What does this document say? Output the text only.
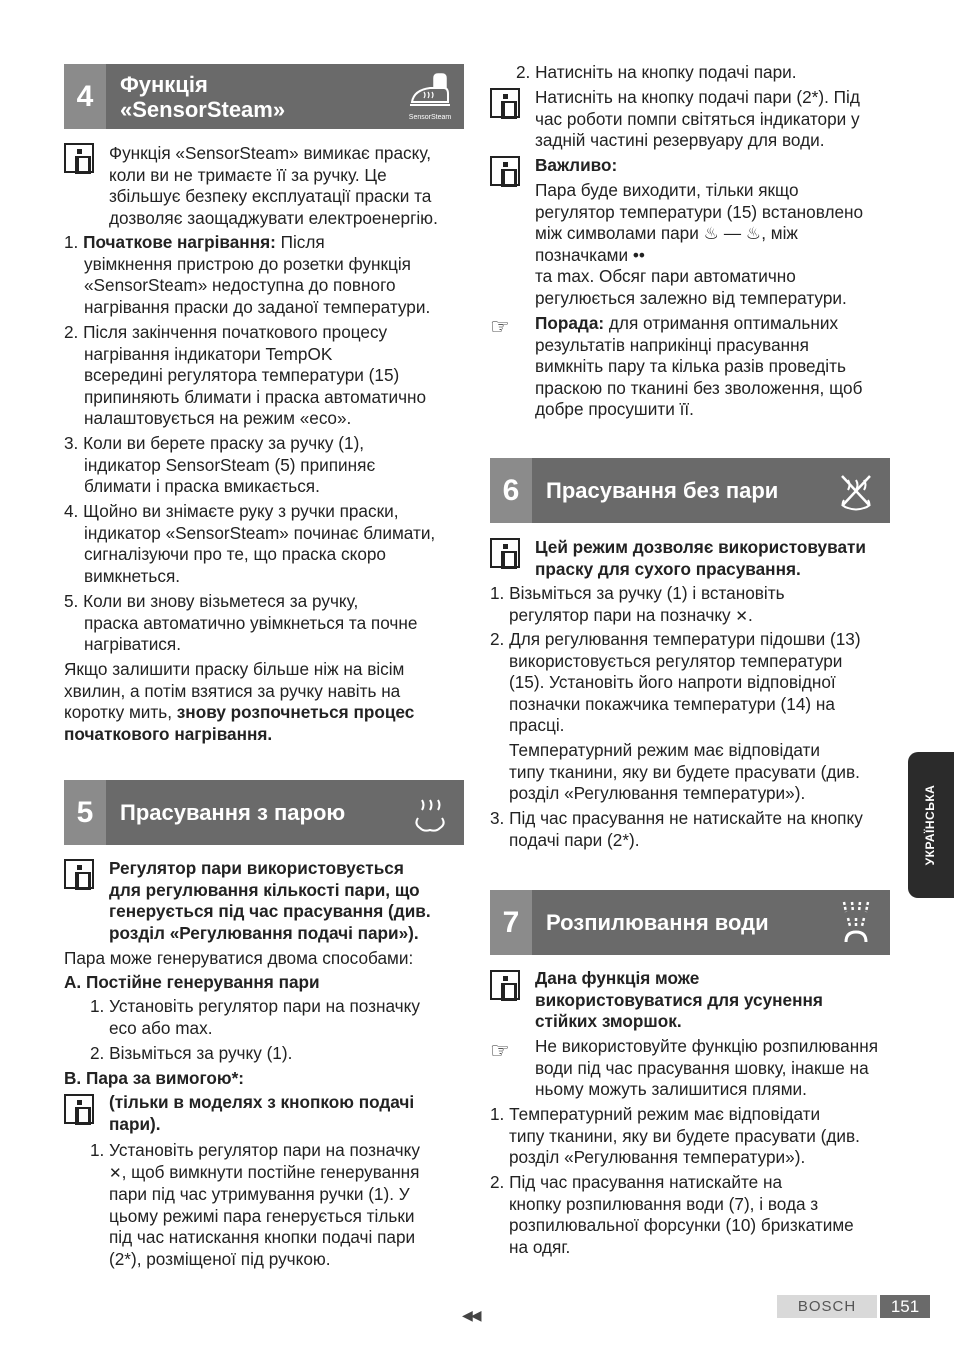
4	Функція
«SensorSteam»	SensorSteam

Функція «SensorSteam» вимикає праску,
коли ви не тримаєте її за ручку. Це
збільшує безпеку експлуатації праски та
дозволяє заощаджувати електроенергію.

1. Початкове нагрівання: Після
увімкнення пристрою до розетки функція
«SensorSteam» недоступна до повного
нагрівання праски до заданої температури.

2. Після закінчення початкового процесу
нагрівання індикатори TempOK
всередині регулятора температури (15)
припиняють блимати і праска автоматично
налаштовується на режим «eco».

3. Коли ви берете праску за ручку (1),
індикатор SensorSteam (5) припиняє
блимати і праска вмикається.

4. Щойно ви знімаєте руку з ручки праски,
індикатор «SensorSteam» починає блимати,
сигналізуючи про те, що праска скоро
вимкнеться.

5. Коли ви знову візьметеся за ручку,
праска автоматично увімкнеться та почне
нагріватися.

Якщо залишити праску більше ніж на вісім
хвилин, а потім взятися за ручку навіть на
коротку мить, знову розпочнеться процес
початкового нагрівання.

5	Прасування з парою

Регулятор пари використовується
для регулювання кількості пари, що
генерується під час прасування (див.
розділ «Регулювання подачі пари»).

Пара може генеруватися двома способами:

A. Постійне генерування пари

1. Установіть регулятор пари на позначку
eco або max.

2. Візьміться за ручку (1).

B. Пара за вимогою*:

(тільки в моделях з кнопкою подачі
пари).

1. Установіть регулятор пари на позначку
✕, щоб вимкнути постійне генерування
пари під час утримування ручки (1). У
цьому режимі пара генерується тільки
під час натискання кнопки подачі пари
(2*), розміщеної під ручкою.

2. Натисніть на кнопку подачі пари.

Натисніть на кнопку подачі пари (2*). Під
час роботи помпи світяться індикатори у
задній частині резервуару для води.

Важливо:

Пара буде виходити, тільки якщо
регулятор температури (15) встановлено
між символами пари ♨ — ♨, між
позначками ••
та max. Обсяг пари автоматично
регулюється залежно від температури.

☞ Порада: для отримання оптимальних
результатів наприкінці прасування
вимкніть пару та кілька разів проведіть
праскою по тканині без зволоження, щоб
добре просушити її.

6	Прасування без пари

Цей режим дозволяє використовувати
праску для сухого прасування.

1. Візьміться за ручку (1) і встановіть
регулятор пари на позначку ✕.

2. Для регулювання температури підошви (13)
використовується регулятор температури
(15). Установіть його напроти відповідної
позначки покажчика температури (14) на
прасці.

Температурний режим має відповідати
типу тканини, яку ви будете прасувати (див.
розділ «Регулювання температури»).

3. Під час прасування не натискайте на кнопку
подачі пари (2*).

7	Розпилювання води

Дана функція може
використовуватися для усунення
стійких зморшок.

☞ Не використовуйте функцію розпилювання
води під час прасування шовку, інакше на
ньому можуть залишитися плями.

1. Температурний режим має відповідати
типу тканини, яку ви будете прасувати (див.
розділ «Регулювання температури»).

2. Під час прасування натискайте на
кнопку розпилювання води (7), і вода з
розпилювальної форсунки (10) бризкатиме
на одяг.

УКРАЇНСЬКА
◀◀	BOSCH	151
